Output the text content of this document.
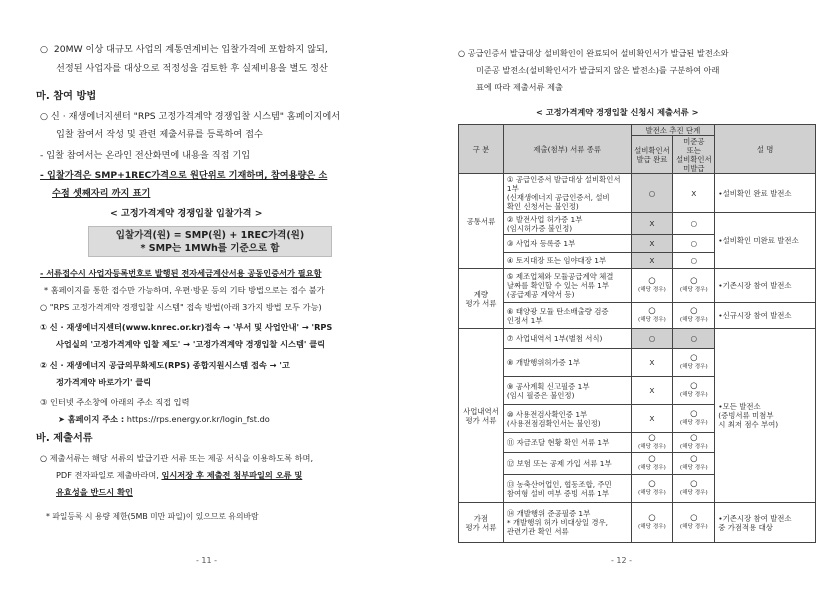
○ 20MW 이상 대규모 사업의 계통연계비는 입찰가격에 포함하지 않되,
선정된 사업자를 대상으로 적정성을 검토한 후 실제비용을 별도 정산
마. 참여 방법
○ 신 · 재생에너지센터 "RPS 고정가격계약 경쟁입찰 시스템" 홈페이지에서
입찰 참여서 작성 및 관련 제출서류를 등록하여 접수
- 입찰 참여서는 온라인 전산화면에 내용을 직접 기입
- 입찰가격은 SMP+1REC가격으로 원단위로 기재하며, 참여용량은 소
수점 셋째자리 까지 표기
< 고정가격계약 경쟁입찰 입찰가격 >
입찰가격(원) = SMP(원) + 1REC가격(원)
* SMP는 1MWh를 기준으로 함
- 서류접수시 사업자등록번호로 발행된 전자세금계산서용 공동인증서가 필요함
* 홈페이지를 통한 접수만 가능하며, 우편·방문 등의 기타 방법으로는 접수 불가
○ "RPS 고정가격계약 경쟁입찰 시스템" 접속 방법(아래 3가지 방법 모두 가능)
① 신 · 재생에너지센터(www.knrec.or.kr)접속 → '부서 및 사업안내' → 'RPS
사업실의 '고정가격계약 입찰 제도' → '고정가격계약 경쟁입찰 시스템' 클릭
② 신 · 재생에너지 공급의무화제도(RPS) 종합지원시스템 접속 → '고
정가격계약 바로가기' 클릭
③ 인터넷 주소창에 아래의 주소 직접 입력
➤ 홈페이지 주소 : https://rps.energy.or.kr/login_fst.do
바. 제출서류
○ 제출서류는 해당 서류의 발급기관 서류 또는 제공 서식을 이용하도록 하며,
PDF 전자파일로 제출바라며, 임시저장 후 제출전 첨부파일의 오류 및
유효성을 반드시 확인
* 파일등록 시 용량 제한(5MB 미만 파일)이 있으므로 유의바람
- 11 -
○ 공급인증서 발급대상 설비확인이 완료되어 설비확인서가 발급된 발전소와
미준공 발전소(설비확인서가 발급되지 않은 발전소)를 구분하여 아래
표에 따라 제출서류 제출
< 고정가격계약 경쟁입찰 신청시 제출서류 >
구 분	제출(첨부) 서류 종류	발전소 추진 단계		설 명
		설비확인서
발급 완료	미준공
또는
설비확인서
미발급	
공통서류	① 공급인증서 발급대상 설비확인서 1부
(신재생에너지 공급인증서, 설비
확인 신청서는 불인정)	○	X	•설비확인 완료 발전소
	② 발전사업 허가증 1부
(임시허가증 불인정)	X	○	•설비확인 미완료 발전소
	③ 사업자 등록증 1부	X	○	
	④ 토지대장 또는 임야대장 1부	X	○	
계량
평가 서류	⑤ 제조업체와 모듈공급계약 체결
날짜를 확인할 수 있는 서류 1부
(공급제공 계약서 등)	○
(해당 경우)	○
(해당 경우)	•기존시장 참여 발전소
	⑥ 태양광 모듈 탄소배출량 검증
인정서 1부	○
(해당 경우)	○
(해당 경우)	•신규시장 참여 발전소
사업내역서
평가 서류	⑦ 사업내역서 1부(별첨 서식)	○	○	•모든 발전소
(증빙서류 미첨부
시 최저 점수 부여)
	⑧ 개발행위허가증 1부	X	○
(해당 경우)	

	⑨ 공사계획 신고필증 1부
(임시 필증은 불인정)	X	○
(해당 경우)	

	⑩ 사용전검사확인증 1부
(사용전점검확인서는 불인정)	X	○
(해당 경우)	

	⑪ 자금조달 현황 확인 서류 1부	○
(해당 경우)	○
(해당 경우)	

	⑫ 보험 또는 공제 가입 서류 1부	○
(해당 경우)	○
(해당 경우)	

	⑬ 농축산어업인, 협동조합, 주민
참여형 설비 여부 증빙 서류 1부	○
(해당 경우)	○
(해당 경우)	

가점
평가 서류	⑭ 개발행위 준공필증 1부
* 개발행위 허가 비대상일 경우,
관련기관 확인 서류	○
(해당 경우)	○
(해당 경우)	•기존시장 참여 발전소
중 가점적용 대상
- 12 -
